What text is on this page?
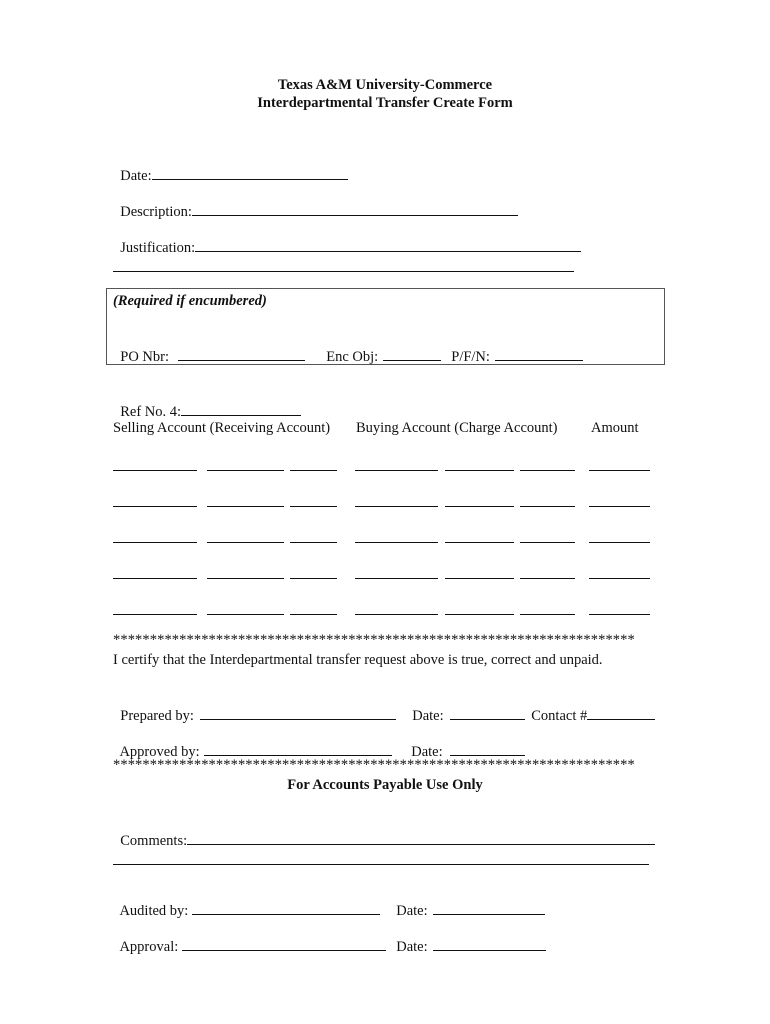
Texas A&M University-Commerce
Interdepartmental Transfer Create Form

Date:

Description:

Justification:

(Required if encumbered)

PO Nbr:	Enc Obj:	P/F/N:

Ref No. 4:

Selling Account (Receiving Account) Buying Account (Charge Account) Amount
***********************************************************************
I certify that the Interdepartmental transfer request above is true, correct and unpaid.

Prepared by:	Date:	Contact #

Approved by:	Date:

***********************************************************************
For Accounts Payable Use Only

Comments:

Audited by:	Date:

Approval:	Date:
